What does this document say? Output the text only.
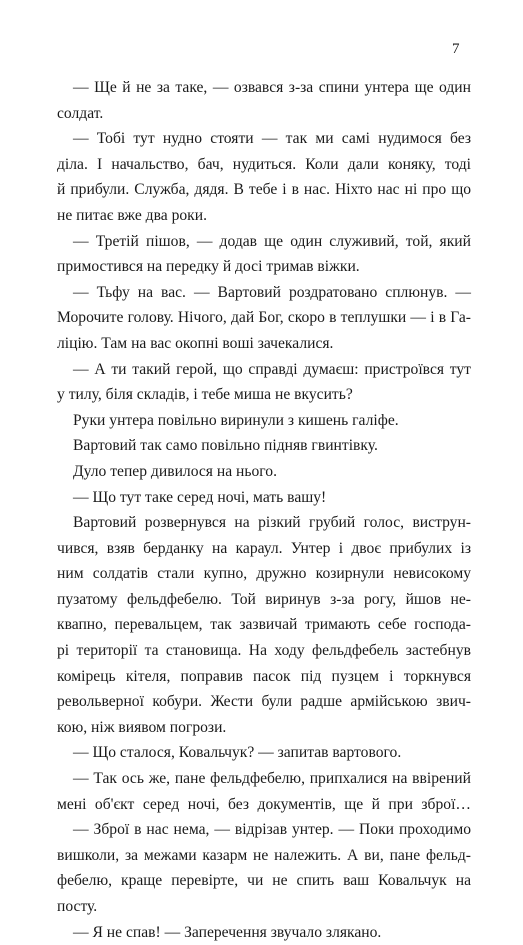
7
— Ще й не за таке, — озвався з-за спини унтера ще один
солдат.
— Тобі тут нудно стояти — так ми самі нудимося без
діла. І начальство, бач, нудиться. Коли дали коняку, тоді
й прибули. Служба, дядя. В тебе і в нас. Ніхто нас ні про що
не питає вже два роки.
— Третій пішов, — додав ще один служивий, той, який
примостився на передку й досі тримав віжки.
— Тьфу на вас. — Вартовий роздратовано сплюнув. —
Морочите голову. Нічого, дай Бог, скоро в теплушки — і в Га-
ліцію. Там на вас окопні воші зачекалися.
— А ти такий герой, що справді думаєш: пристроївся тут
у тилу, біля складів, і тебе миша не вкусить?
Руки унтера повільно виринули з кишень галіфе.
Вартовий так само повільно підняв гвинтівку.
Дуло тепер дивилося на нього.
— Що тут таке серед ночі, мать вашу!
Вартовий розвернувся на різкий грубий голос, виструн-
чився, взяв берданку на караул. Унтер і двоє прибулих із
ним солдатів стали купно, дружно козирнули невисокому
пузатому фельдфебелю. Той виринув з-за рогу, йшов не-
квапно, перевальцем, так зазвичай тримають себе господа-
рі території та становища. На ходу фельдфебель застебнув
комірець кітеля, поправив пасок під пузцем і торкнувся
револьверної кобури. Жести були радше армійською звич-
кою, ніж виявом погрози.
— Що сталося, Ковальчук? — запитав вартового.
— Так ось же, пане фельдфебелю, припхалися на ввірений
мені об'єкт серед ночі, без документів, ще й при зброї…
— Зброї в нас нема, — відрізав унтер. — Поки проходимо
вишколи, за межами казарм не належить. А ви, пане фельд-
фебелю, краще перевірте, чи не спить ваш Ковальчук на посту.
— Я не спав! — Заперечення звучало злякано.
